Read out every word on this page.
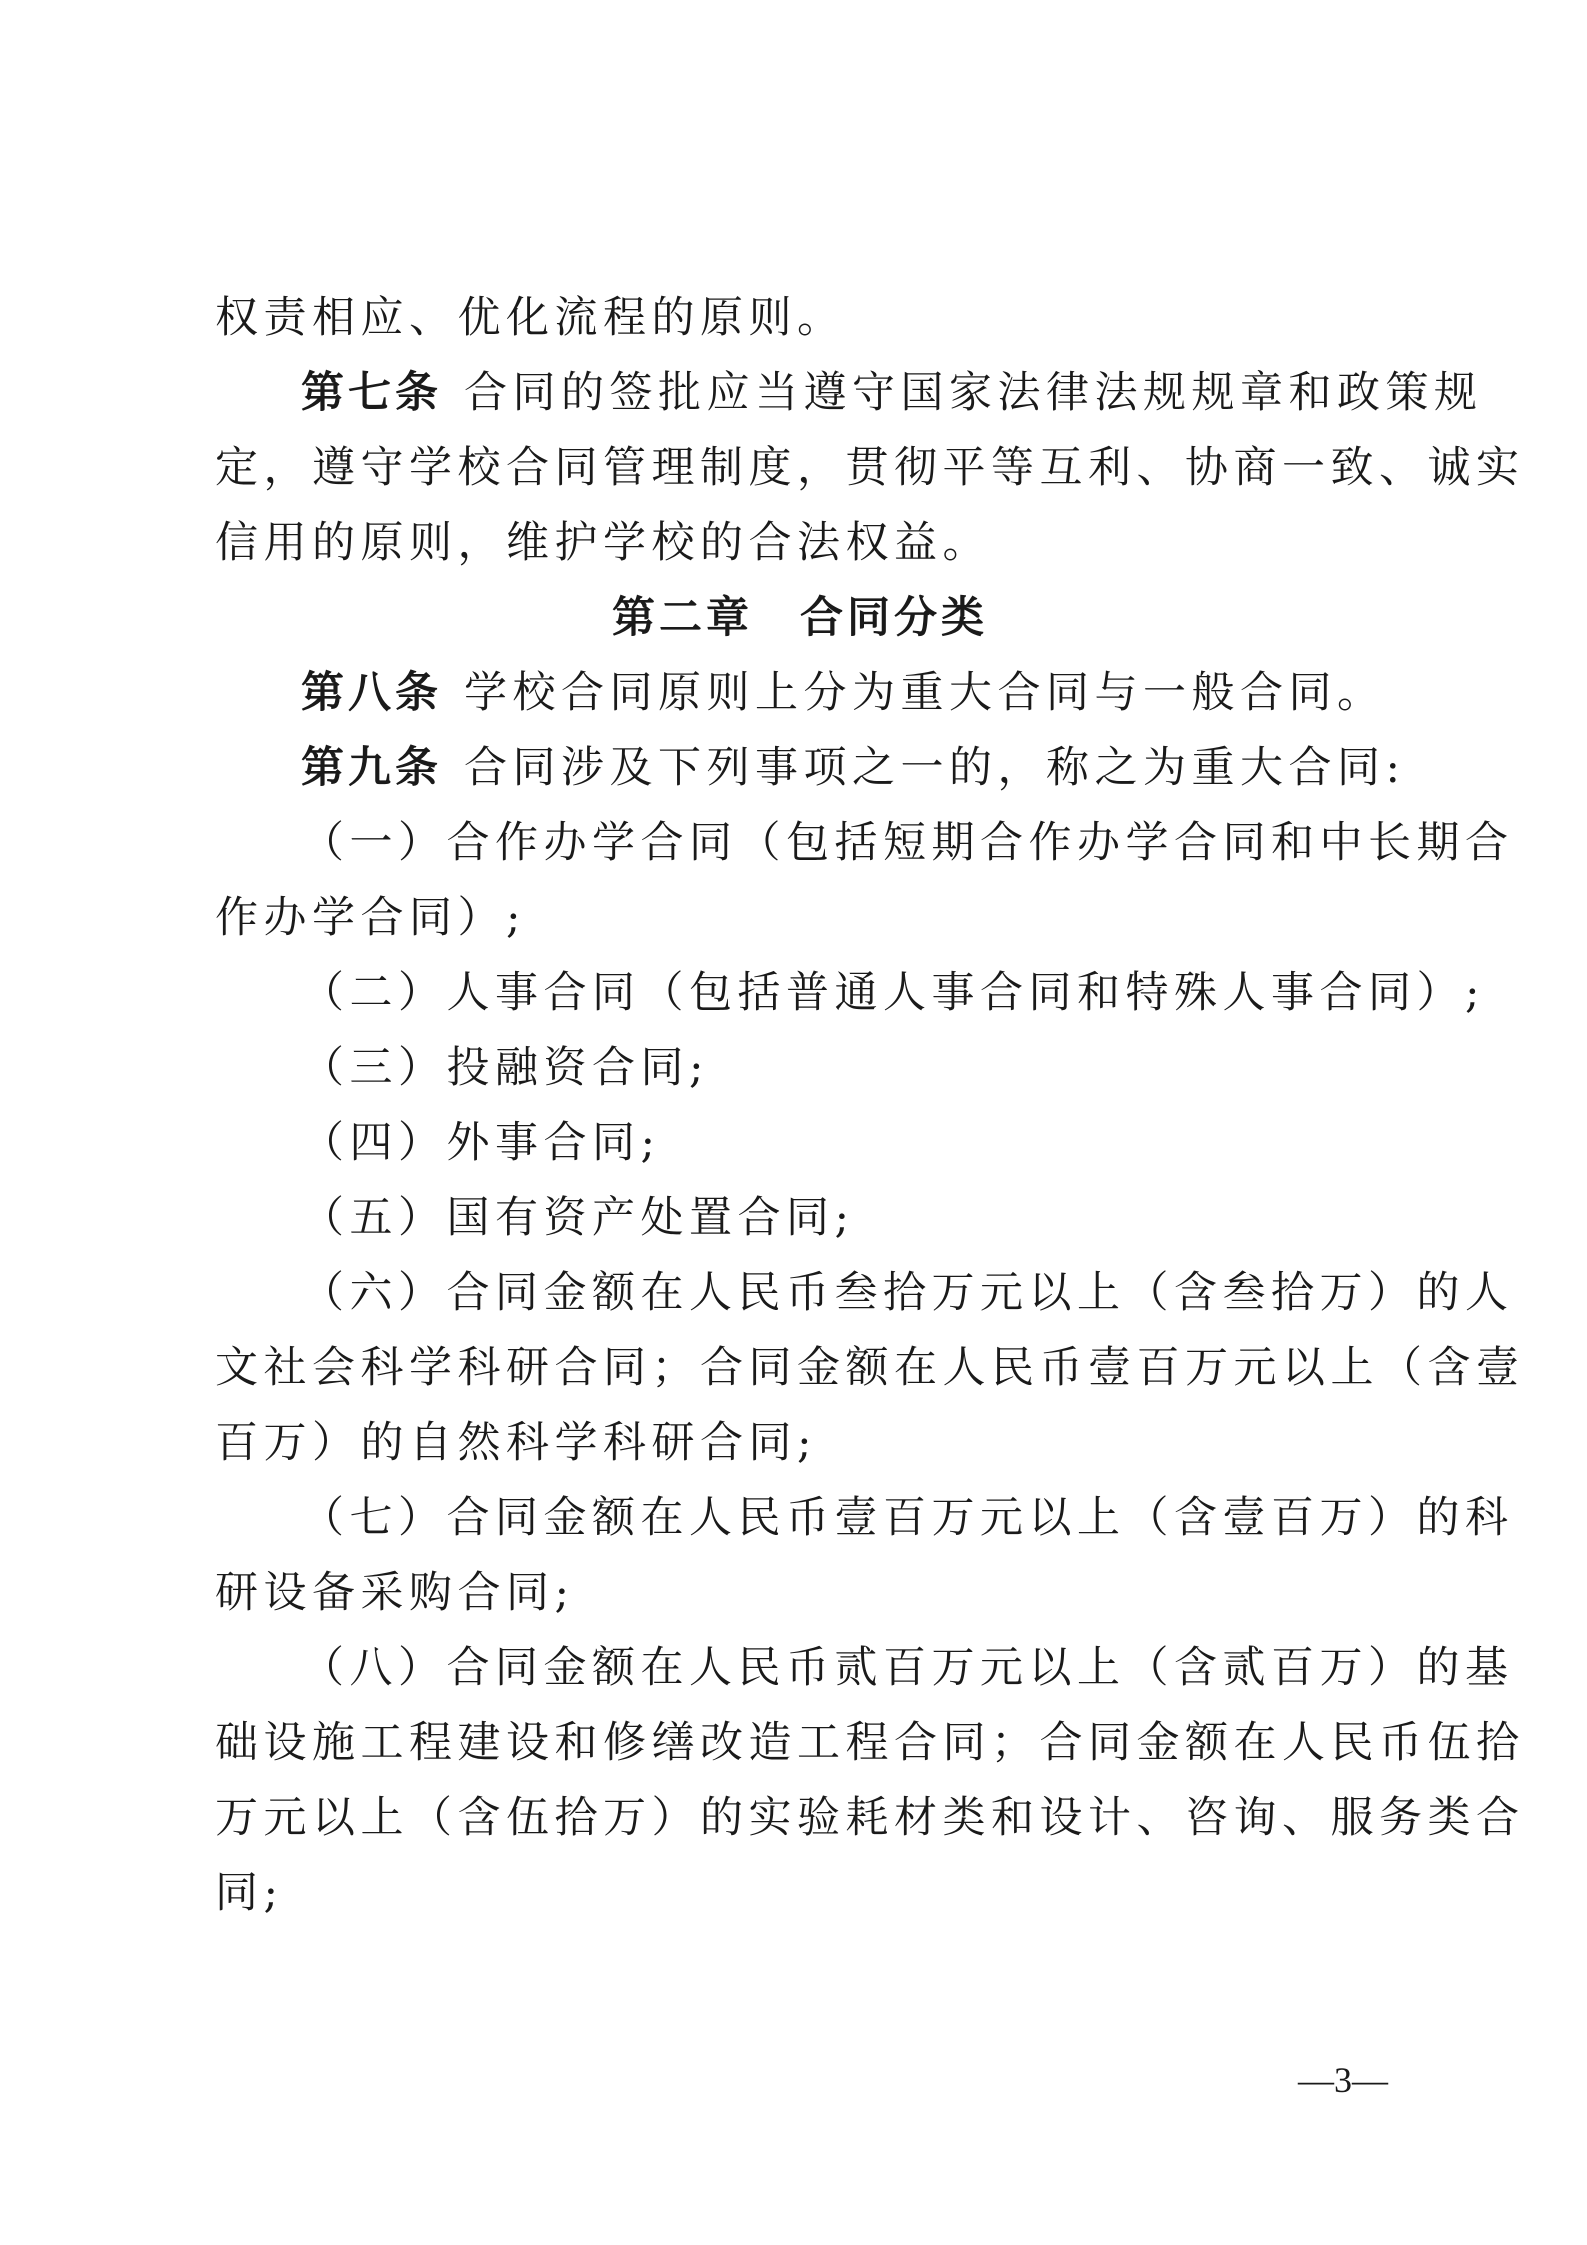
权责相应、优化流程的原则。
第七条 合同的签批应当遵守国家法律法规规章和政策规
定，遵守学校合同管理制度，贯彻平等互利、协商一致、诚实
信用的原则，维护学校的合法权益。
第二章　合同分类
第八条 学校合同原则上分为重大合同与一般合同。
第九条 合同涉及下列事项之一的，称之为重大合同:
（一）合作办学合同（包括短期合作办学合同和中长期合
作办学合同）;
（二）人事合同（包括普通人事合同和特殊人事合同）;
（三）投融资合同;
（四）外事合同;
（五）国有资产处置合同;
（六）合同金额在人民币叁拾万元以上（含叁拾万）的人
文社会科学科研合同；合同金额在人民币壹百万元以上（含壹
百万）的自然科学科研合同;
（七）合同金额在人民币壹百万元以上（含壹百万）的科
研设备采购合同;
（八）合同金额在人民币贰百万元以上（含贰百万）的基
础设施工程建设和修缮改造工程合同；合同金额在人民币伍拾
万元以上（含伍拾万）的实验耗材类和设计、咨询、服务类合
同;
—3—
